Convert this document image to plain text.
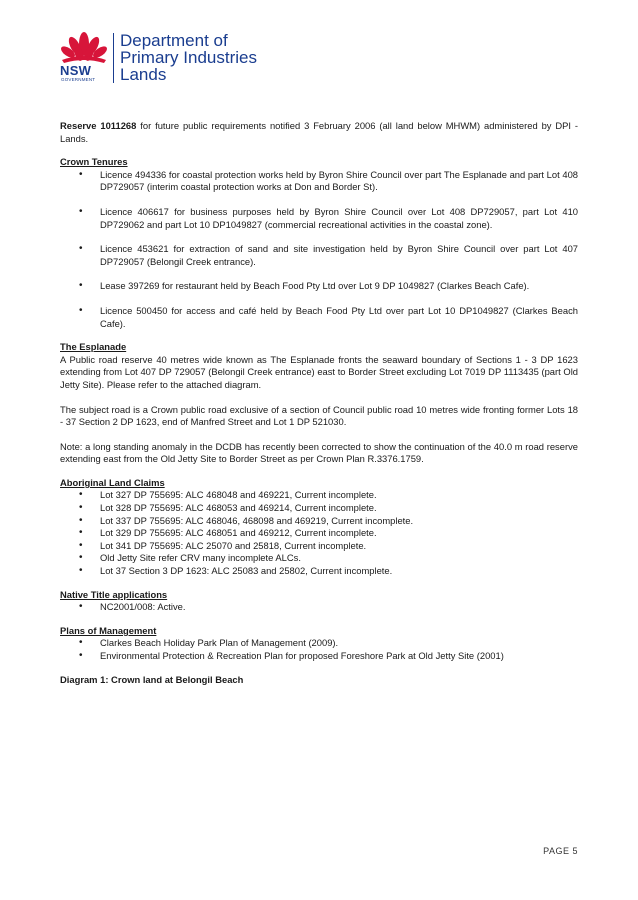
NSW
GOVERNMENT
Department of
Primary Industries
Lands

Reserve 1011268 for future public requirements notified 3 February 2006 (all land below MHWM) administered by DPI - Lands.

Crown Tenures
• Licence 494336 for coastal protection works held by Byron Shire Council over part The Esplanade and part Lot 408 DP729057 (interim coastal protection works at Don and Border St).
• Licence 406617 for business purposes held by Byron Shire Council over Lot 408 DP729057, part Lot 410 DP729062 and part Lot 10 DP1049827 (commercial recreational activities in the coastal zone).
• Licence 453621 for extraction of sand and site investigation held by Byron Shire Council over part Lot 407 DP729057 (Belongil Creek entrance).
• Lease 397269 for restaurant held by Beach Food Pty Ltd over Lot 9 DP 1049827 (Clarkes Beach Cafe).
• Licence 500450 for access and café held by Beach Food Pty Ltd over part Lot 10 DP1049827 (Clarkes Beach Cafe).
The Esplanade

A Public road reserve 40 metres wide known as The Esplanade fronts the seaward boundary of Sections 1 - 3 DP 1623 extending from Lot 407 DP 729057 (Belongil Creek entrance) east to Border Street excluding Lot 7019 DP 1113435 (part Old Jetty Site). Please refer to the attached diagram.

The subject road is a Crown public road exclusive of a section of Council public road 10 metres wide fronting former Lots 18 - 37 Section 2 DP 1623, end of Manfred Street and Lot 1 DP 521030.

Note: a long standing anomaly in the DCDB has recently been corrected to show the continuation of the 40.0 m road reserve extending east from the Old Jetty Site to Border Street as per Crown Plan R.3376.1759.

Aboriginal Land Claims
• Lot 327 DP 755695: ALC 468048 and 469221, Current incomplete.
• Lot 328 DP 755695: ALC 468053 and 469214, Current incomplete.
• Lot 337 DP 755695: ALC 468046, 468098 and 469219, Current incomplete.
• Lot 329 DP 755695: ALC 468051 and 469212, Current incomplete.
• Lot 341 DP 755695: ALC 25070 and 25818, Current incomplete.
• Old Jetty Site refer CRV many incomplete ALCs.
• Lot 37 Section 3 DP 1623: ALC 25083 and 25802, Current incomplete.
Native Title applications
• NC2001/008: Active.
Plans of Management
• Clarkes Beach Holiday Park Plan of Management (2009).
• Environmental Protection & Recreation Plan for proposed Foreshore Park at Old Jetty Site (2001)
Diagram 1: Crown land at Belongil Beach
PAGE 5
